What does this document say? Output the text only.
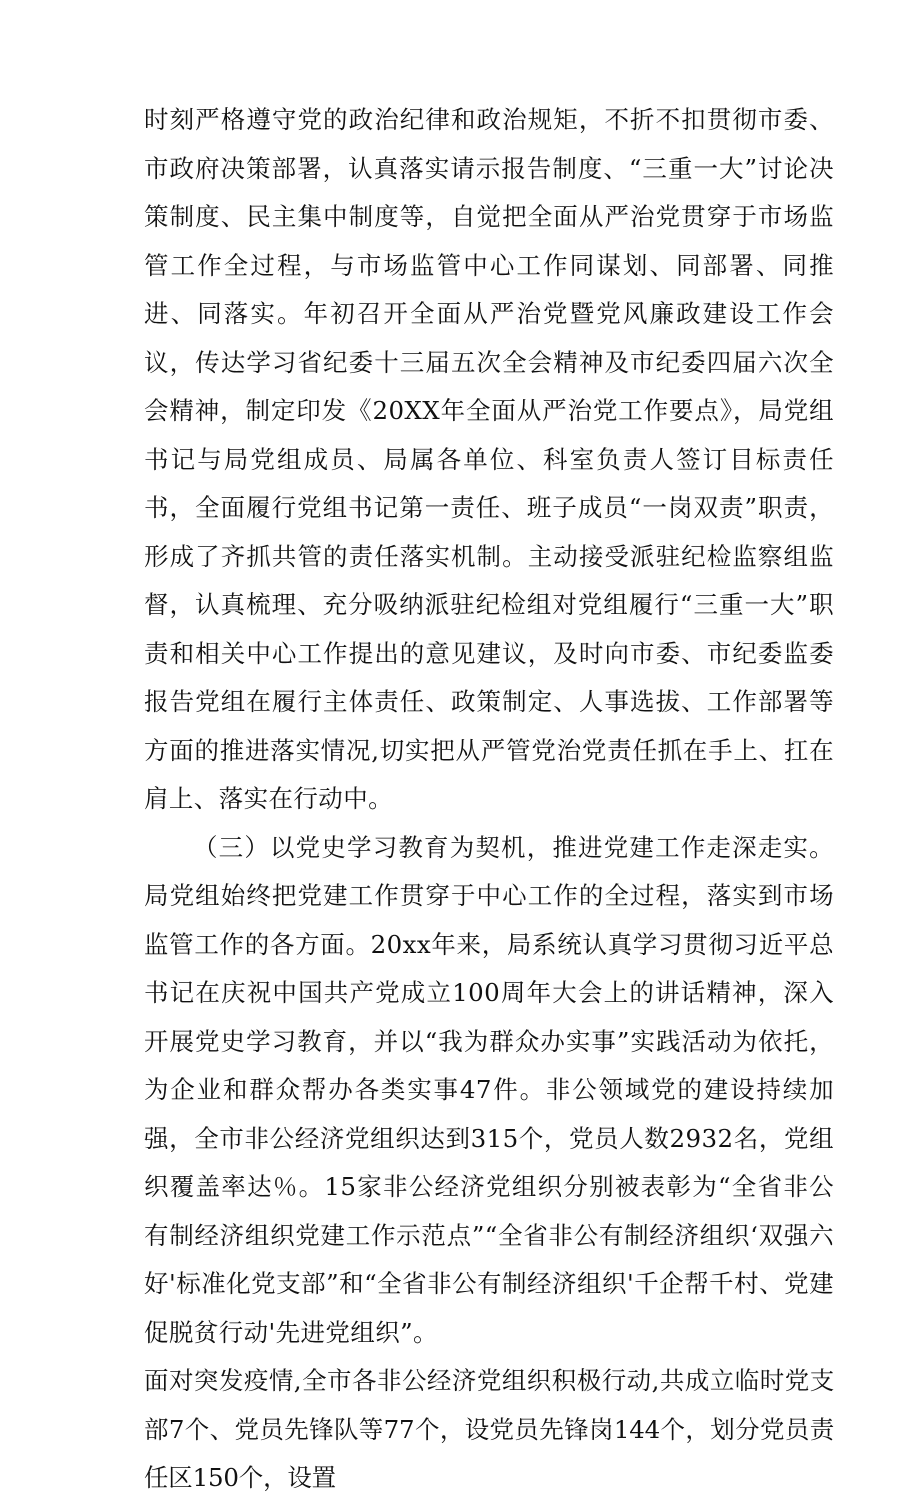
时刻严格遵守党的政治纪律和政治规矩，不折不扣贯彻市委、市政府决策部署，认真落实请示报告制度、“三重一大”讨论决策制度、民主集中制度等，自觉把全面从严治党贯穿于市场监管工作全过程，与市场监管中心工作同谋划、同部署、同推进、同落实。年初召开全面从严治党暨党风廉政建设工作会议，传达学习省纪委十三届五次全会精神及市纪委四届六次全会精神，制定印发《20XX年全面从严治党工作要点》，局党组书记与局党组成员、局属各单位、科室负责人签订目标责任书，全面履行党组书记第一责任、班子成员“一岗双责”职责，形成了齐抓共管的责任落实机制。主动接受派驻纪检监察组监督，认真梳理、充分吸纳派驻纪检组对党组履行“三重一大”职责和相关中心工作提出的意见建议，及时向市委、市纪委监委报告党组在履行主体责任、政策制定、人事选拔、工作部署等方面的推进落实情况,切实把从严管党治党责任抓在手上、扛在肩上、落实在行动中。

（三）以党史学习教育为契机，推进党建工作走深走实。局党组始终把党建工作贯穿于中心工作的全过程，落实到市场监管工作的各方面。20xx年来，局系统认真学习贯彻习近平总书记在庆祝中国共产党成立100周年大会上的讲话精神，深入开展党史学习教育，并以“我为群众办实事”实践活动为依托，为企业和群众帮办各类实事47件。非公领域党的建设持续加强，全市非公经济党组织达到315个，党员人数2932名，党组织覆盖率达％。15家非公经济党组织分别被表彰为“全省非公有制经济组织党建工作示范点”“全省非公有制经济组织‘双强六好'标准化党支部”和“全省非公有制经济组织'千企帮千村、党建促脱贫行动'先进党组织”。

面对突发疫情,全市各非公经济党组织积极行动,共成立临时党支部7个、党员先锋队等77个，设党员先锋岗144个，划分党员责任区150个，设置
